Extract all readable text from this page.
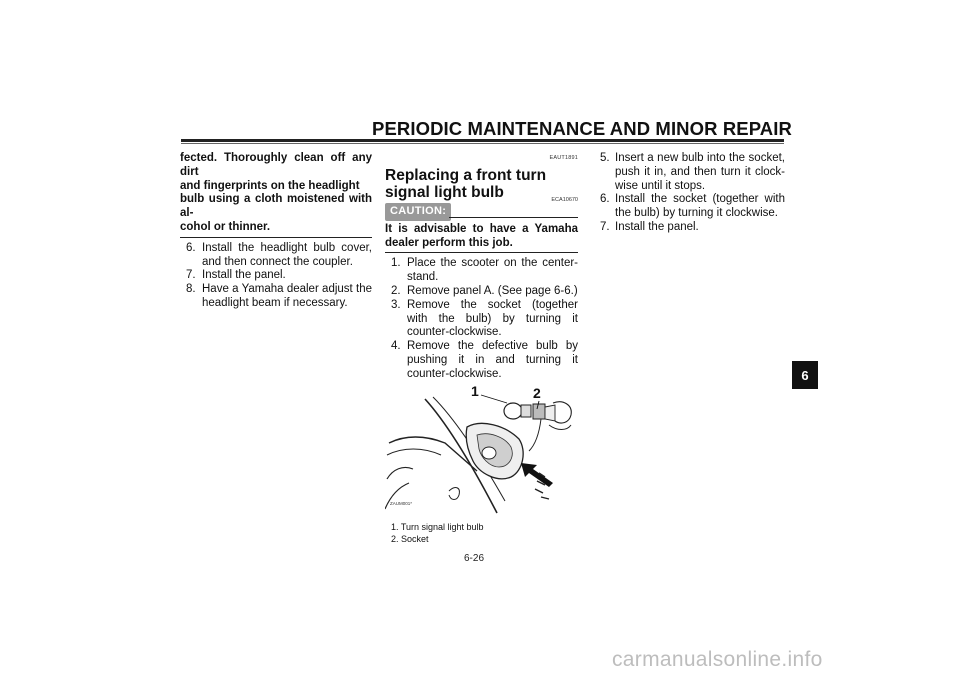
PERIODIC MAINTENANCE AND MINOR REPAIR
fected. Thoroughly clean off any dirt
and fingerprints on the headlight
bulb using a cloth moistened with al-
cohol or thinner.
6. Install the headlight bulb cover, and then connect the coupler.
7. Install the panel.
8. Have a Yamaha dealer adjust the headlight beam if necessary.
EAUT1891
Replacing a front turn signal light bulb
CAUTION:
ECA10670
It is advisable to have a Yamaha dealer perform this job.
1. Place the scooter on the center-stand.
2. Remove panel A. (See page 6-6.)
3. Remove the socket (together with the bulb) by turning it counter-clockwise.
4. Remove the defective bulb by pushing it in and turning it counter-clockwise.
1	2
ZAUM001*
1. Turn signal light bulb
2. Socket
5. Insert a new bulb into the socket, push it in, and then turn it clock-wise until it stops.
6. Install the socket (together with the bulb) by turning it clockwise.
7. Install the panel.
6-26
6
carmanualsonline.info
